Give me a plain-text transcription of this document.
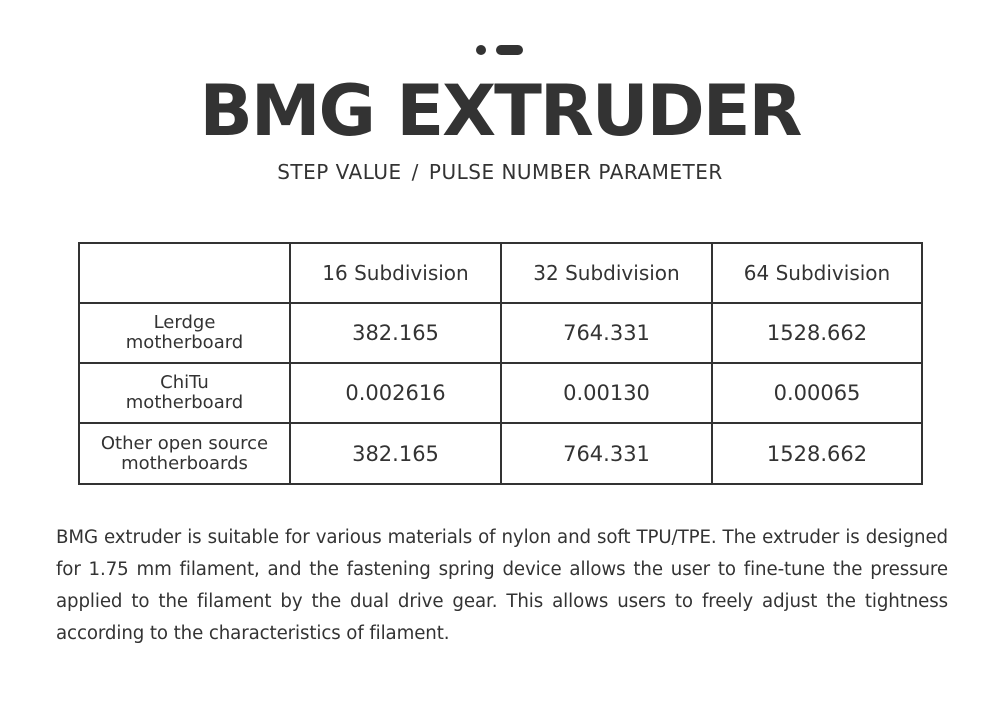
BMG EXTRUDER
STEP VALUE / PULSE NUMBER PARAMETER
	16 Subdivision	32 Subdivision	64 Subdivision
Lerdge
motherboard	382.165	764.331	1528.662
ChiTu
motherboard	0.002616	0.00130	0.00065
Other open source
motherboards	382.165	764.331	1528.662

BMG extruder is suitable for various materials of nylon and soft TPU/TPE. The extruder is designed for 1.75 mm filament, and the fastening spring device allows the user to fine-tune the pressure applied to the filament by the dual drive gear. This allows users to freely adjust the tightness according to the characteristics of filament.
